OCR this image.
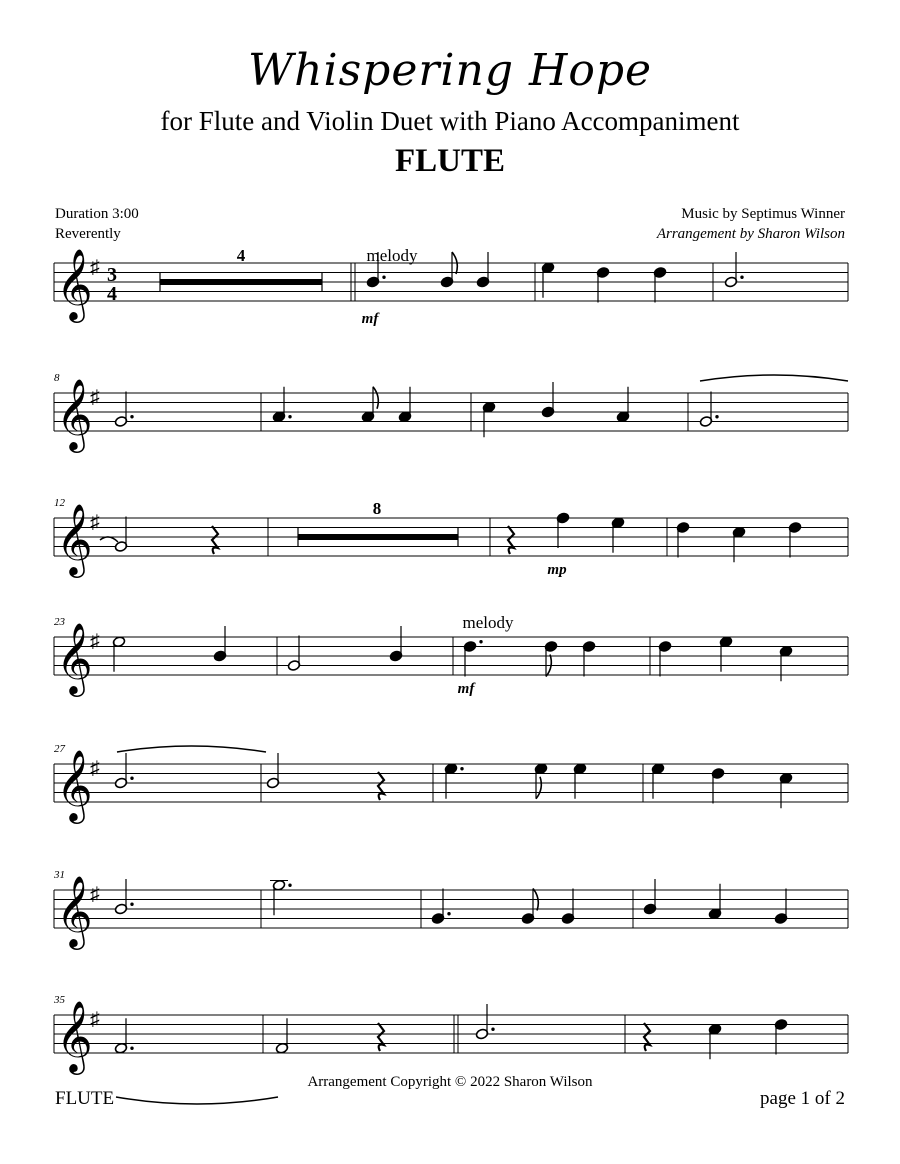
Whispering Hope
for Flute and Violin Duet with Piano Accompaniment
FLUTE
Duration 3:00
Reverently
Music by Septimus Winner
Arrangement by Sharon Wilson
𝄞
♯ 3
4
4	melody
mf
𝄞
♯
8
𝄞
♯
12	8
mp
𝄞
♯
23	melody
mf
𝄞
♯
27
𝄞
♯
31
𝄞
♯
35
Arrangement Copyright © 2022 Sharon Wilson
FLUTE	page 1 of 2
